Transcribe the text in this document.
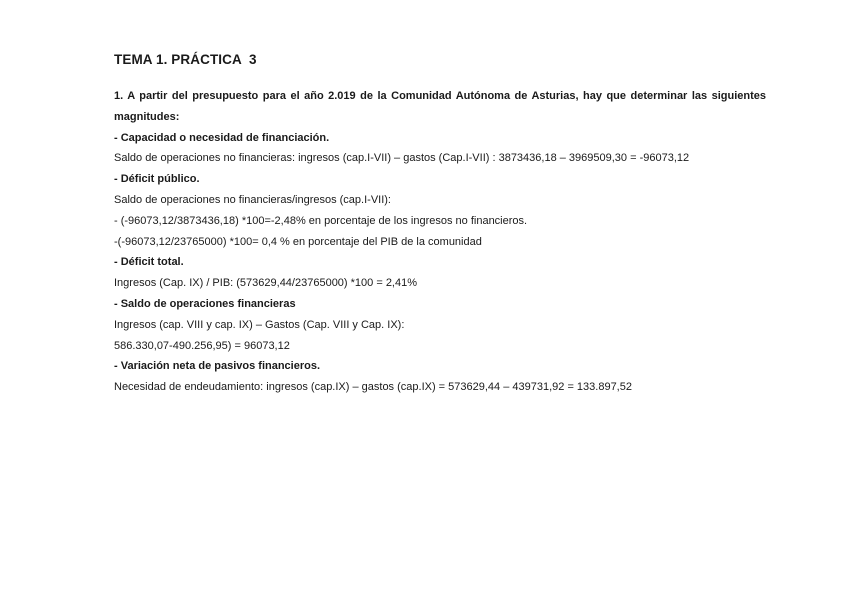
TEMA 1. PRÁCTICA  3

1. A partir del presupuesto para el año 2.019 de la Comunidad Autónoma de Asturias, hay que determinar las siguientes magnitudes:

- Capacidad o necesidad de financiación.

Saldo de operaciones no financieras: ingresos (cap.I-VII) – gastos (Cap.I-VII) : 3873436,18 – 3969509,30 = -96073,12

- Déficit público.

Saldo de operaciones no financieras/ingresos (cap.I-VII):

- (-96073,12/3873436,18) *100=-2,48% en porcentaje de los ingresos no financieros.

-(-96073,12/23765000) *100= 0,4 % en porcentaje del PIB de la comunidad

- Déficit total.

Ingresos (Cap. IX) / PIB: (573629,44/23765000) *100 = 2,41%

- Saldo de operaciones financieras

Ingresos (cap. VIII y cap. IX) – Gastos (Cap. VIII y Cap. IX):

586.330,07-490.256,95) = 96073,12

- Variación neta de pasivos financieros.

Necesidad de endeudamiento: ingresos (cap.IX) – gastos (cap.IX) = 573629,44 – 439731,92 = 133.897,52
